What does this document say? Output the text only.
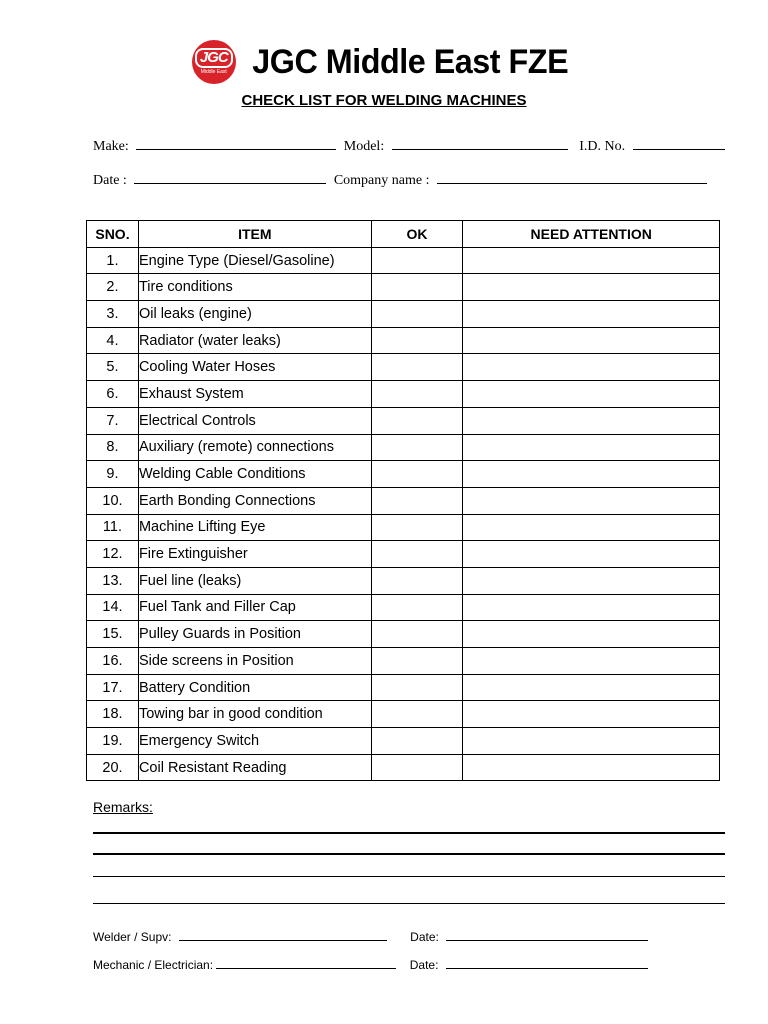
JGC
Middle East JGC Middle East FZE
CHECK LIST FOR WELDING MACHINES
Make:	Model:	I.D. No.
Date :	Company name :
SNO.	ITEM	OK	NEED ATTENTION
1.	Engine Type (Diesel/Gasoline)		
2.	Tire conditions		
3.	Oil leaks (engine)		
4.	Radiator (water leaks)		
5.	Cooling Water Hoses		
6.	Exhaust System		
7.	Electrical Controls		
8.	Auxiliary (remote) connections		
9.	Welding Cable Conditions		
10.	Earth Bonding Connections		
11.	Machine Lifting Eye		
12.	Fire Extinguisher		
13.	Fuel line (leaks)		
14.	Fuel Tank and Filler Cap		
15.	Pulley Guards in Position		
16.	Side screens in Position		
17.	Battery Condition		
18.	Towing bar in good condition		
19.	Emergency Switch		
20.	Coil Resistant Reading		
Remarks:
Welder / Supv:	Date:
Mechanic / Electrician:	Date:
